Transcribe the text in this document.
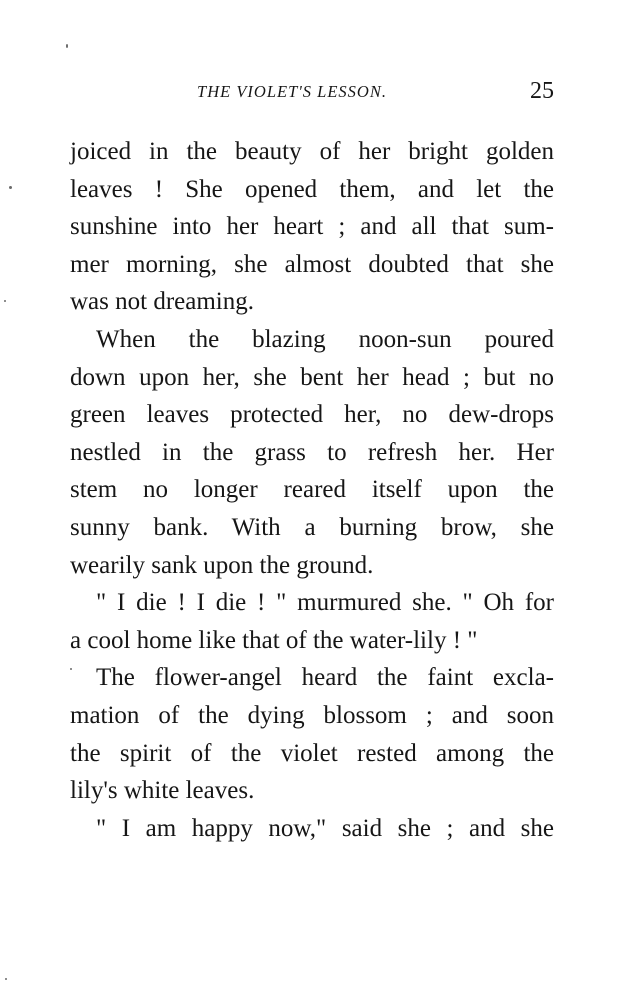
THE VIOLET'S LESSON.	25
joiced in the beauty of her bright golden
leaves ! She opened them, and let the
sunshine into her heart ; and all that sum-
mer morning, she almost doubted that she
was not dreaming.
When the blazing noon-sun poured
down upon her, she bent her head ; but no
green leaves protected her, no dew-drops
nestled in the grass to refresh her. Her
stem no longer reared itself upon the
sunny bank. With a burning brow, she
wearily sank upon the ground.
" I die ! I die ! " murmured she. " Oh for
a cool home like that of the water-lily ! "
The flower-angel heard the faint excla-
mation of the dying blossom ; and soon
the spirit of the violet rested among the
lily's white leaves.
" I am happy now," said she ; and she
